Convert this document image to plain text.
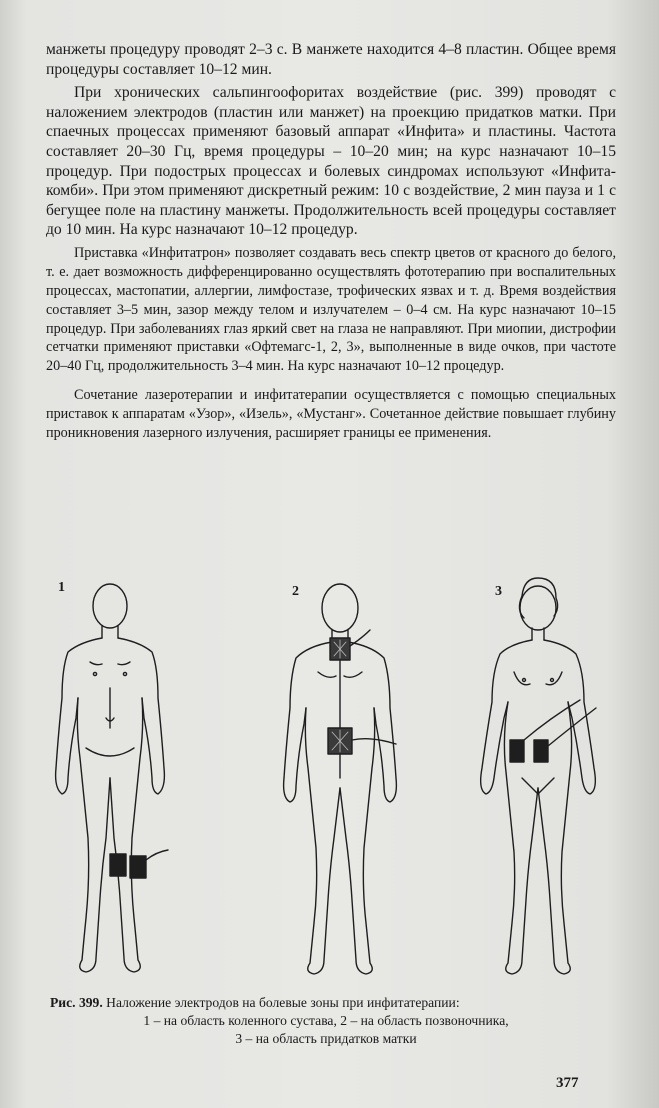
манжеты процедуру проводят 2–3 с. В манжете находится 4–8 пластин. Общее время процедуры составляет 10–12 мин.

При хронических сальпингоофоритах воздействие (рис. 399) проводят с наложением электродов (пластин или манжет) на проекцию придатков матки. При спаечных процессах применяют базовый аппарат «Инфита» и пластины. Частота составляет 20–30 Гц, время процедуры – 10–20 мин; на курс назначают 10–15 процедур. При подострых процессах и болевых синдромах используют «Инфита-комби». При этом применяют дискретный режим: 10 с воздействие, 2 мин пауза и 1 с бегущее поле на пластину манжеты. Продолжительность всей процедуры составляет до 10 мин. На курс назначают 10–12 процедур.

Приставка «Инфитатрон» позволяет создавать весь спектр цветов от красного до белого, т. е. дает возможность дифференцированно осуществлять фототерапию при воспалительных процессах, мастопатии, аллергии, лимфостазе, трофических язвах и т. д. Время воздействия составляет 3–5 мин, зазор между телом и излучателем – 0–4 см. На курс назначают 10–15 процедур. При заболеваниях глаз яркий свет на глаза не направляют. При миопии, дистрофии сетчатки применяют приставки «Офтемагс-1, 2, 3», выполненные в виде очков, при частоте 20–40 Гц, продолжительность 3–4 мин. На курс назначают 10–12 процедур.

Сочетание лазеротерапии и инфитатерапии осуществляется с помощью специальных приставок к аппаратам «Узор», «Изель», «Мустанг». Сочетанное действие повышает глубину проникновения лазерного излучения, расширяет границы ее применения.

1	2	3
Рис. 399. Наложение электродов на болевые зоны при инфитатерапии:
1 – на область коленного сустава, 2 – на область позвоночника,
3 – на область придатков матки
377
